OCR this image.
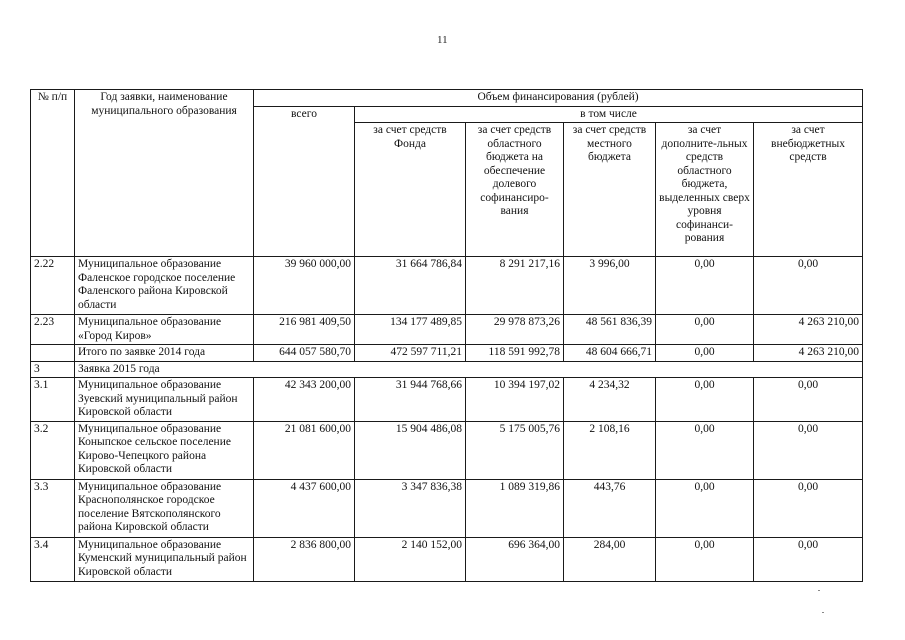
11
№ п/п	Год заявки, наименование муниципального образования	Объем финансирования (рублей)					
		всего	в том числе				
			за счет средств Фонда	за счет средств областного бюджета на обеспечение долевого софинансиро-вания	за счет средств местного бюджета	за счет дополните-льных средств областного бюджета, выделенных сверх уровня софинанси-рования	за счет внебюджетных средств
2.22	Муниципальное образование Фаленское городское поселение Фаленского района Кировской области	39 960 000,00	31 664 786,84	8 291 217,16	3 996,00	0,00	0,00
2.23	Муниципальное образование «Город Киров»	216 981 409,50	134 177 489,85	29 978 873,26	48 561 836,39	0,00	4 263 210,00
	Итого по заявке 2014 года	644 057 580,70	472 597 711,21	118 591 992,78	48 604 666,71	0,00	4 263 210,00
3	Заявка 2015 года						
3.1	Муниципальное образование Зуевский муниципальный район Кировской области	42 343 200,00	31 944 768,66	10 394 197,02	4 234,32	0,00	0,00
3.2	Муниципальное образование Коныпское сельское поселение Кирово-Чепецкого района Кировской области	21 081 600,00	15 904 486,08	5 175 005,76	2 108,16	0,00	0,00
3.3	Муниципальное образование Краснополянское городское поселение Вятскополянского района Кировской области	4 437 600,00	3 347 836,38	1 089 319,86	443,76	0,00	0,00
3.4	Муниципальное образование Куменский муниципальный район Кировской области	2 836 800,00	2 140 152,00	696 364,00	284,00	0,00	0,00
